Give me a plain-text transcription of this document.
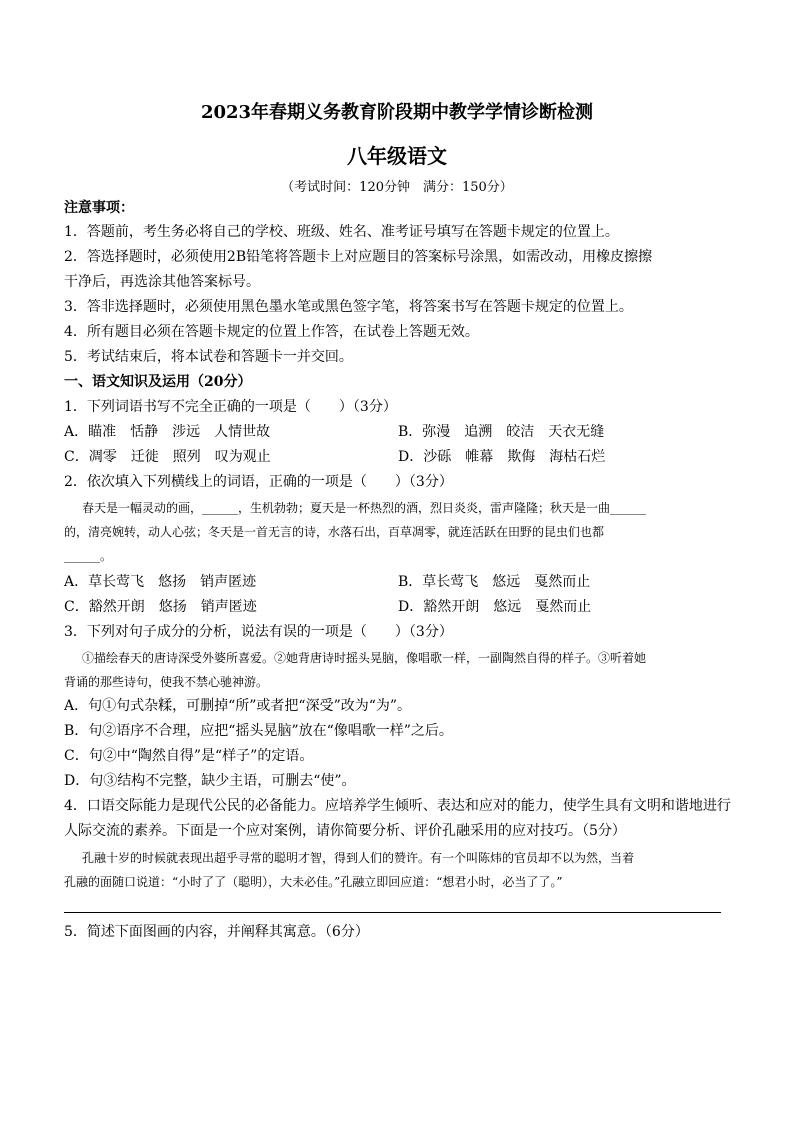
2023年春期义务教育阶段期中教学学情诊断检测
八年级语文
（考试时间：120分钟　满分：150分）
注意事项：
1．答题前，考生务必将自己的学校、班级、姓名、准考证号填写在答题卡规定的位置上。
2．答选择题时，必须使用2B铅笔将答题卡上对应题目的答案标号涂黑，如需改动，用橡皮擦擦
干净后，再选涂其他答案标号。
3．答非选择题时，必须使用黑色墨水笔或黑色签字笔，将答案书写在答题卡规定的位置上。
4．所有题目必须在答题卡规定的位置上作答，在试卷上答题无效。
5．考试结束后，将本试卷和答题卡一并交回。
一、语文知识及运用（20分）
1．下列词语书写不完全正确的一项是（　　）（3分）
A．瞄准　恬静　涉远　人情世故	B．弥漫　追溯　皎洁　天衣无缝
C．凋零　迁徙　照列　叹为观止	D．沙砾　帷幕　欺侮　海枯石烂
2．依次填入下列横线上的词语，正确的一项是（　　）（3分）
春天是一幅灵动的画，______，生机勃勃；夏天是一杯热烈的酒，烈日炎炎，雷声隆隆；秋天是一曲______
的，清亮婉转，动人心弦；冬天是一首无言的诗，水落石出，百草凋零，就连活跃在田野的昆虫们也都
______。
A．草长莺飞　悠扬　销声匿迹	B．草长莺飞　悠远　戛然而止
C．豁然开朗　悠扬　销声匿迹	D．豁然开朗　悠远　戛然而止
3．下列对句子成分的分析，说法有误的一项是（　　）（3分）
①描绘春天的唐诗深受外婆所喜爱。②她背唐诗时摇头晃脑，像唱歌一样，一副陶然自得的样子。③听着她
背诵的那些诗句，使我不禁心驰神游。
A．句①句式杂糅，可删掉“所”或者把“深受”改为“为”。
B．句②语序不合理，应把“摇头晃脑”放在“像唱歌一样”之后。
C．句②中“陶然自得”是“样子”的定语。
D．句③结构不完整，缺少主语，可删去“使”。
4．口语交际能力是现代公民的必备能力。应培养学生倾听、表达和应对的能力，使学生具有文明和谐地进行
人际交流的素养。下面是一个应对案例，请你简要分析、评价孔融采用的应对技巧。（5分）
孔融十岁的时候就表现出超乎寻常的聪明才智，得到人们的赞许。有一个叫陈炜的官员却不以为然，当着
孔融的面随口说道：“小时了了（聪明），大未必佳。”孔融立即回应道：“想君小时，必当了了。”
5．简述下面图画的内容，并阐释其寓意。（6分）
